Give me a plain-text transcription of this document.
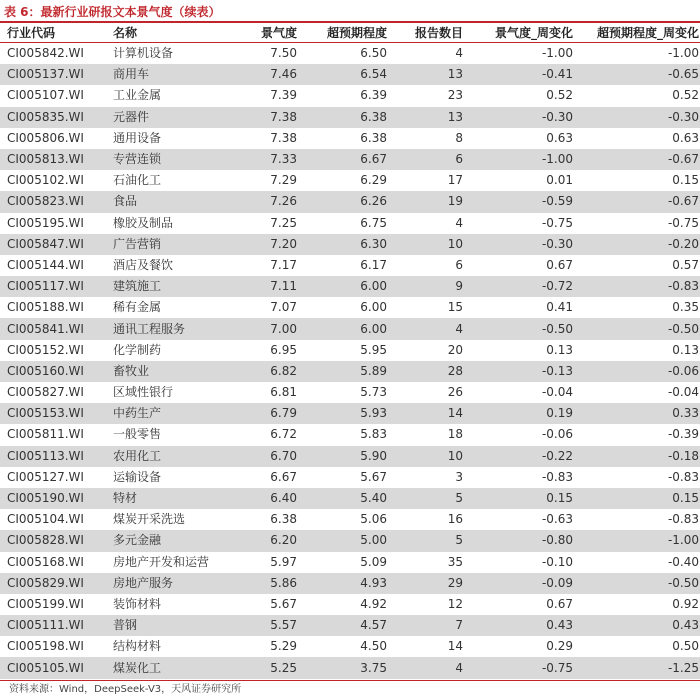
表 6：最新行业研报文本景气度（续表）
行业代码	名称	景气度	超预期程度	报告数目	景气度_周变化	超预期程度_周变化
CI005842.WI	计算机设备	7.50	6.50	4	-1.00	-1.00
CI005137.WI	商用车	7.46	6.54	13	-0.41	-0.65
CI005107.WI	工业金属	7.39	6.39	23	0.52	0.52
CI005835.WI	元器件	7.38	6.38	13	-0.30	-0.30
CI005806.WI	通用设备	7.38	6.38	8	0.63	0.63
CI005813.WI	专营连锁	7.33	6.67	6	-1.00	-0.67
CI005102.WI	石油化工	7.29	6.29	17	0.01	0.15
CI005823.WI	食品	7.26	6.26	19	-0.59	-0.67
CI005195.WI	橡胶及制品	7.25	6.75	4	-0.75	-0.75
CI005847.WI	广告营销	7.20	6.30	10	-0.30	-0.20
CI005144.WI	酒店及餐饮	7.17	6.17	6	0.67	0.57
CI005117.WI	建筑施工	7.11	6.00	9	-0.72	-0.83
CI005188.WI	稀有金属	7.07	6.00	15	0.41	0.35
CI005841.WI	通讯工程服务	7.00	6.00	4	-0.50	-0.50
CI005152.WI	化学制药	6.95	5.95	20	0.13	0.13
CI005160.WI	畜牧业	6.82	5.89	28	-0.13	-0.06
CI005827.WI	区域性银行	6.81	5.73	26	-0.04	-0.04
CI005153.WI	中药生产	6.79	5.93	14	0.19	0.33
CI005811.WI	一般零售	6.72	5.83	18	-0.06	-0.39
CI005113.WI	农用化工	6.70	5.90	10	-0.22	-0.18
CI005127.WI	运输设备	6.67	5.67	3	-0.83	-0.83
CI005190.WI	特材	6.40	5.40	5	0.15	0.15
CI005104.WI	煤炭开采洗选	6.38	5.06	16	-0.63	-0.83
CI005828.WI	多元金融	6.20	5.00	5	-0.80	-1.00
CI005168.WI	房地产开发和运营	5.97	5.09	35	-0.10	-0.40
CI005829.WI	房地产服务	5.86	4.93	29	-0.09	-0.50
CI005199.WI	装饰材料	5.67	4.92	12	0.67	0.92
CI005111.WI	普钢	5.57	4.57	7	0.43	0.43
CI005198.WI	结构材料	5.29	4.50	14	0.29	0.50
CI005105.WI	煤炭化工	5.25	3.75	4	-0.75	-1.25
资料来源：Wind，DeepSeek-V3，天风证券研究所
